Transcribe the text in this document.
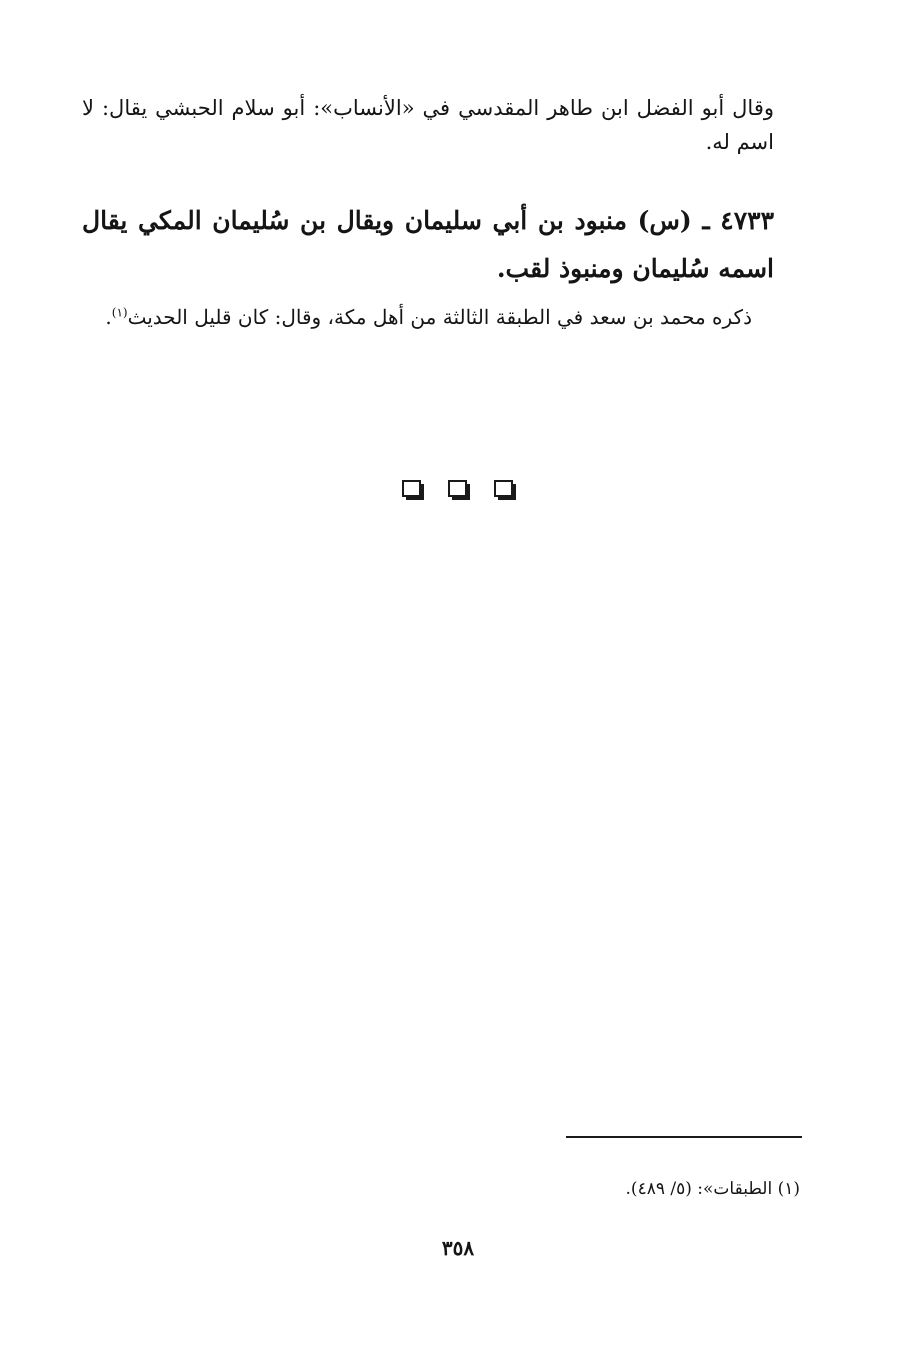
وقال أبو الفضل ابن طاهر المقدسي في «الأنساب»: أبو سلام الحبشي يقال: لا اسم له.

٤٧٣٣ ـ (س) منبود بن أبي سليمان ويقال بن سُليمان المكي يقال اسمه سُليمان ومنبوذ لقب.

ذكره محمد بن سعد في الطبقة الثالثة من أهل مكة، وقال: كان قليل الحديث$^{(١)}$.

(١) الطبقات»: (٥/ ٤٨٩).

٣٥٨
